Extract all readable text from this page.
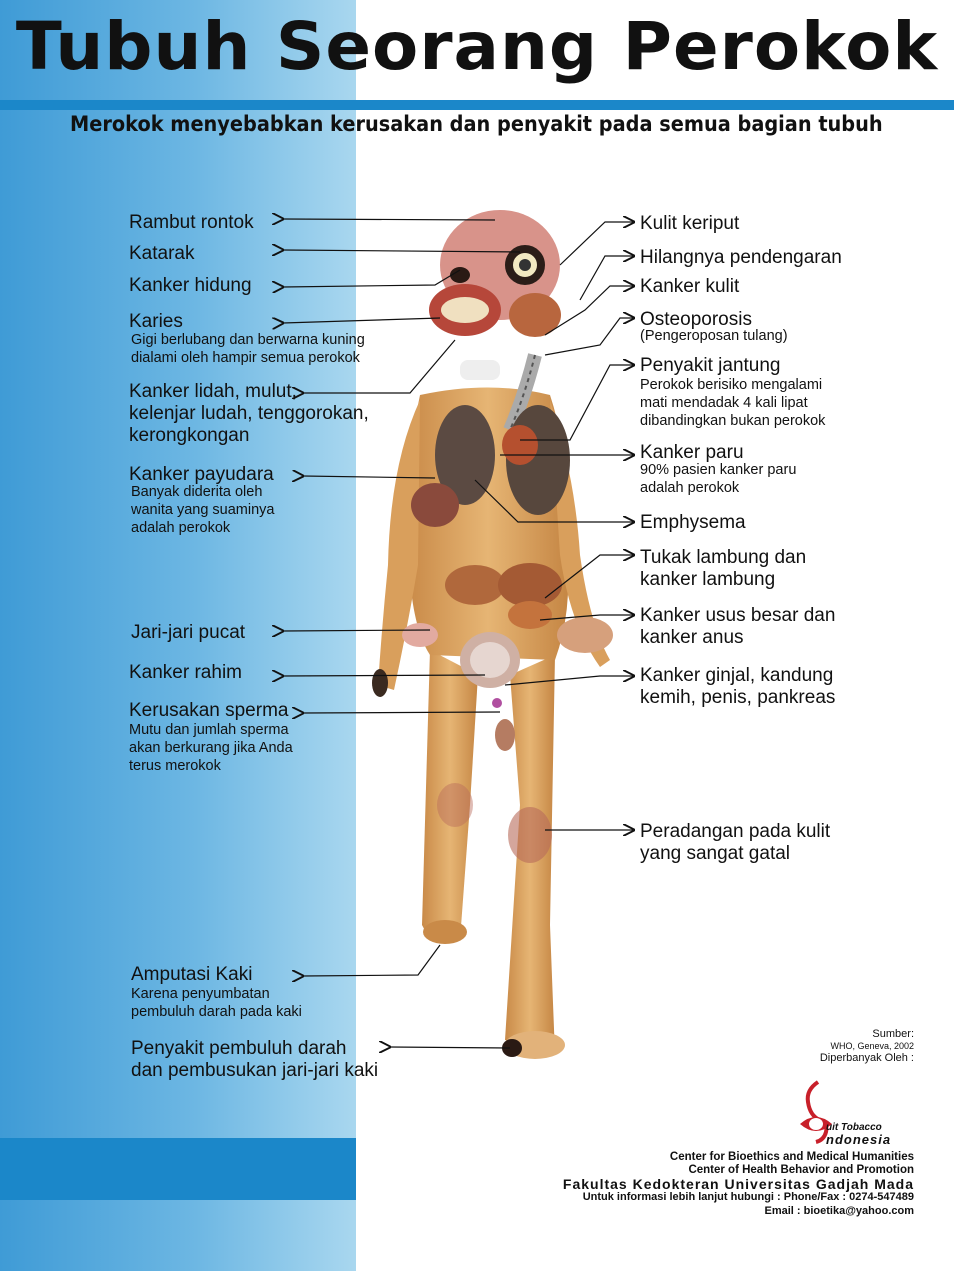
Tubuh Seorang Perokok
Merokok menyebabkan kerusakan dan penyakit pada semua bagian tubuh
Rambut rontok
Katarak
Kanker hidung
Karies
Gigi berlubang dan berwarna kuning
dialami oleh hampir semua perokok
Kanker lidah, mulut,
kelenjar ludah, tenggorokan,
kerongkongan
Kanker payudara
Banyak diderita oleh
wanita yang suaminya
adalah perokok
Jari-jari pucat
Kanker rahim
Kerusakan sperma
Mutu dan jumlah sperma
akan berkurang jika Anda
terus merokok
Amputasi Kaki
Karena penyumbatan
pembuluh darah pada kaki
Penyakit pembuluh darah
dan pembusukan jari-jari kaki
Kulit keriput
Hilangnya pendengaran
Kanker kulit
Osteoporosis
(Pengeroposan tulang)
Penyakit jantung
Perokok berisiko mengalami
mati mendadak 4 kali lipat
dibandingkan bukan perokok
Kanker paru
90% pasien kanker paru
adalah perokok
Emphysema
Tukak lambung dan
kanker lambung
Kanker usus besar dan
kanker anus
Kanker ginjal, kandung
kemih, penis, pankreas
Peradangan pada kulit
yang sangat gatal
Sumber:
WHO, Geneva, 2002
Diperbanyak Oleh :
uit Tobacco
ndonesia
Center for Bioethics and Medical Humanities
Center of Health Behavior and Promotion
Fakultas Kedokteran Universitas Gadjah Mada
Untuk informasi lebih lanjut hubungi : Phone/Fax : 0274-547489
Email : bioetika@yahoo.com
